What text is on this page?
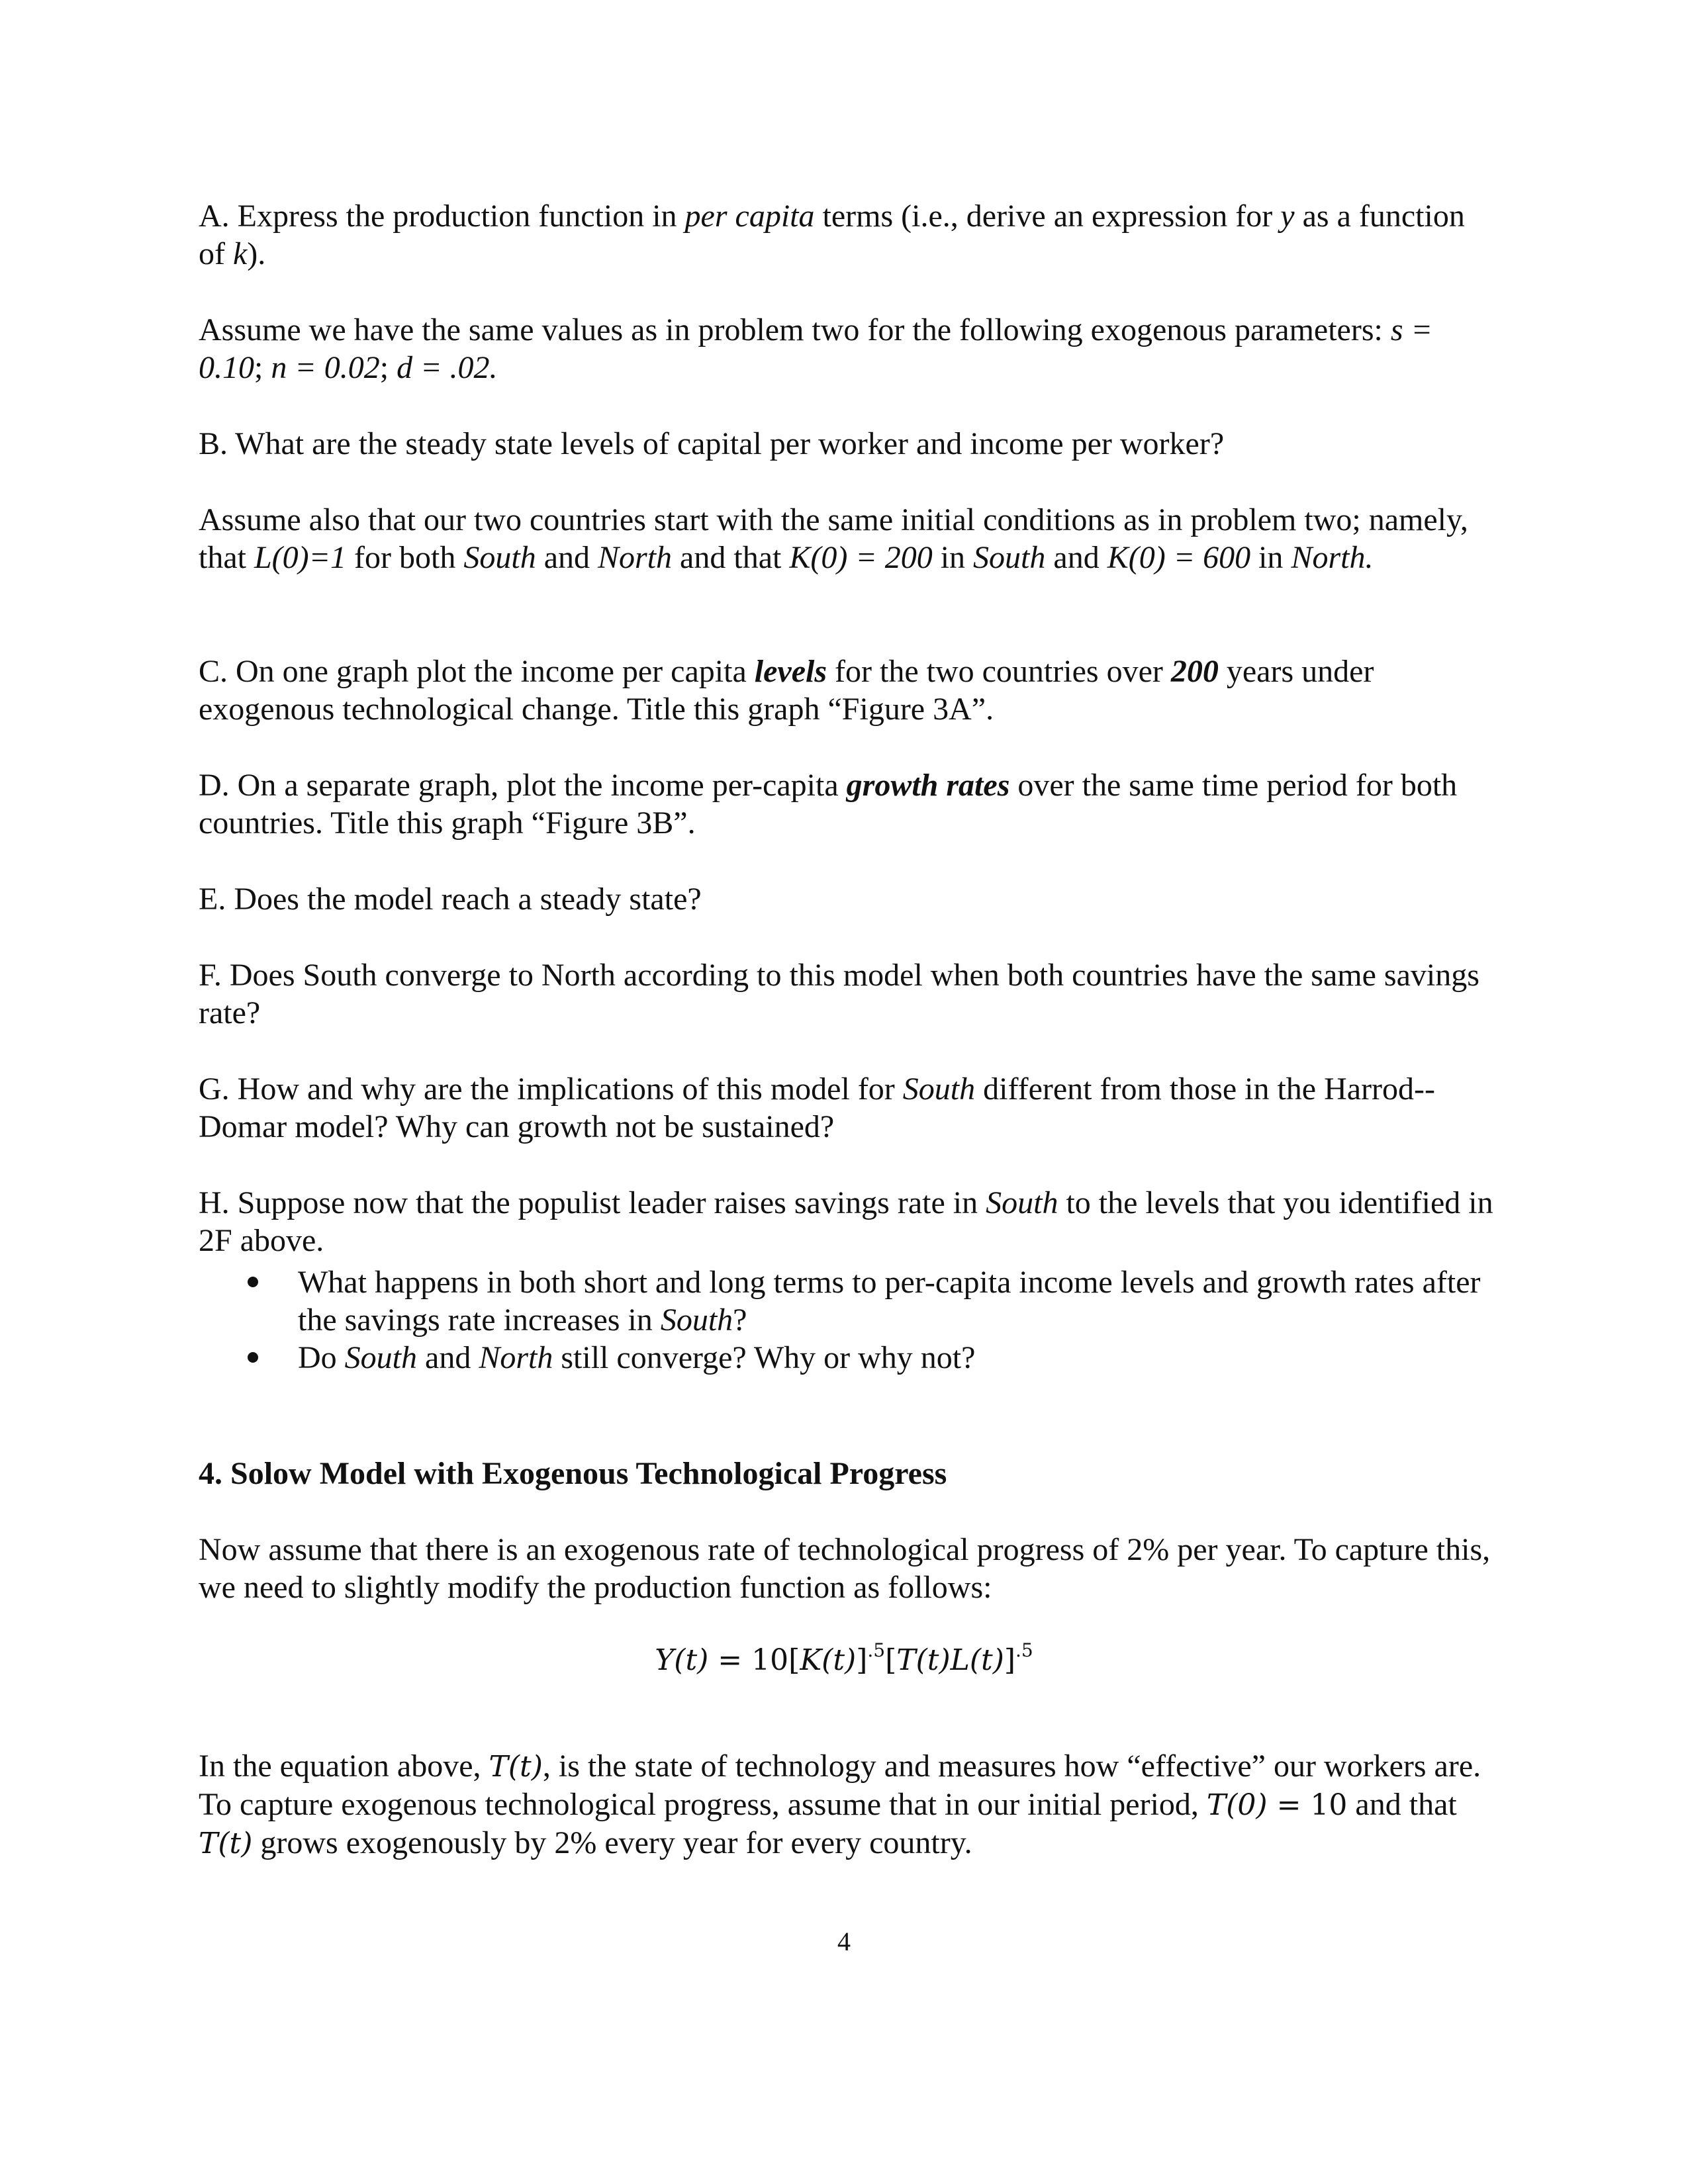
A. Express the production function in per capita terms (i.e., derive an expression for y as a function of k).

Assume we have the same values as in problem two for the following exogenous parameters: s = 0.10; n = 0.02; d = .02.

B. What are the steady state levels of capital per worker and income per worker?

Assume also that our two countries start with the same initial conditions as in problem two; namely, that L(0)=1 for both South and North and that K(0) = 200 in South and K(0) = 600 in North.

C. On one graph plot the income per capita levels for the two countries over 200 years under exogenous technological change. Title this graph “Figure 3A”.

D. On a separate graph, plot the income per-capita growth rates over the same time period for both countries. Title this graph “Figure 3B”.

E. Does the model reach a steady state?

F. Does South converge to North according to this model when both countries have the same savings rate?

G. How and why are the implications of this model for South different from those in the Harrod--Domar model? Why can growth not be sustained?

H. Suppose now that the populist leader raises savings rate in South to the levels that you identified in 2F above.

What happens in both short and long terms to per-capita income levels and growth rates after the savings rate increases in South?
Do South and North still converge? Why or why not?

4. Solow Model with Exogenous Technological Progress

Now assume that there is an exogenous rate of technological progress of 2% per year. To capture this, we need to slightly modify the production function as follows:

$Y(t) = 10[K(t)]^{.5}[T(t)L(t)]^{.5}$

In the equation above, T(t), is the state of technology and measures how “effective” our workers are. To capture exogenous technological progress, assume that in our initial period, T(0) = 10 and that T(t) grows exogenously by 2% every year for every country.

4
